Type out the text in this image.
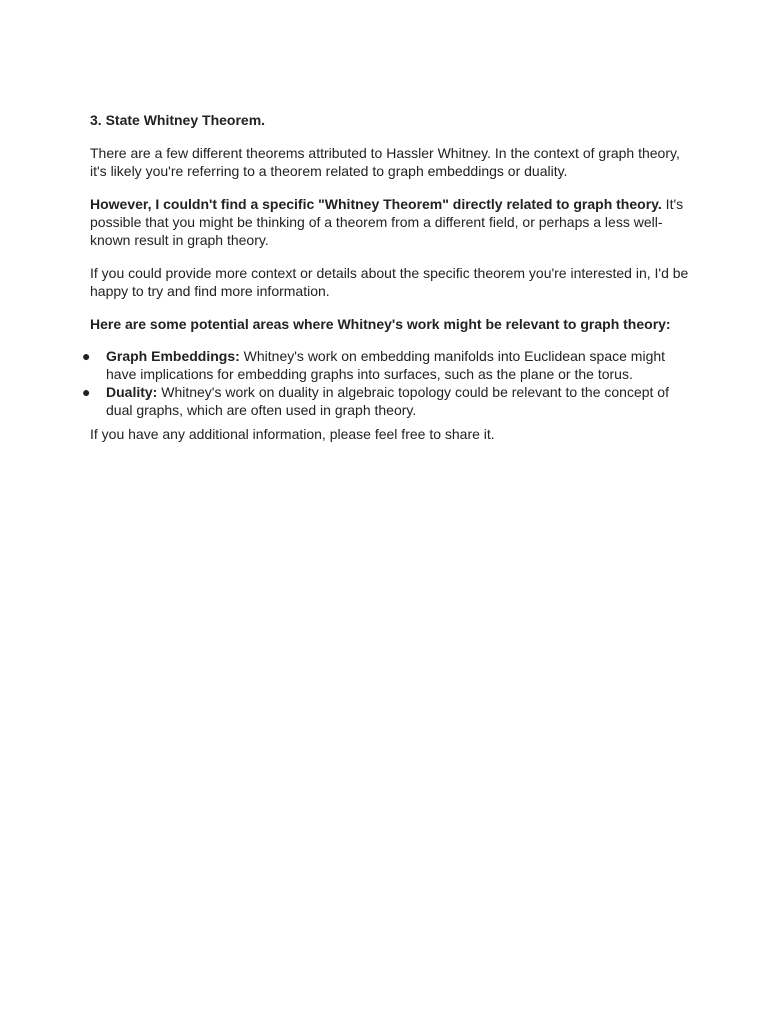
3. State Whitney Theorem.

There are a few different theorems attributed to Hassler Whitney. In the context of graph theory, it's likely you're referring to a theorem related to graph embeddings or duality.

However, I couldn't find a specific "Whitney Theorem" directly related to graph theory. It's possible that you might be thinking of a theorem from a different field, or perhaps a less well-known result in graph theory.

If you could provide more context or details about the specific theorem you're interested in, I'd be happy to try and find more information.

Here are some potential areas where Whitney's work might be relevant to graph theory:

● Graph Embeddings: Whitney's work on embedding manifolds into Euclidean space might have implications for embedding graphs into surfaces, such as the plane or the torus.
● Duality: Whitney's work on duality in algebraic topology could be relevant to the concept of dual graphs, which are often used in graph theory.

If you have any additional information, please feel free to share it.
